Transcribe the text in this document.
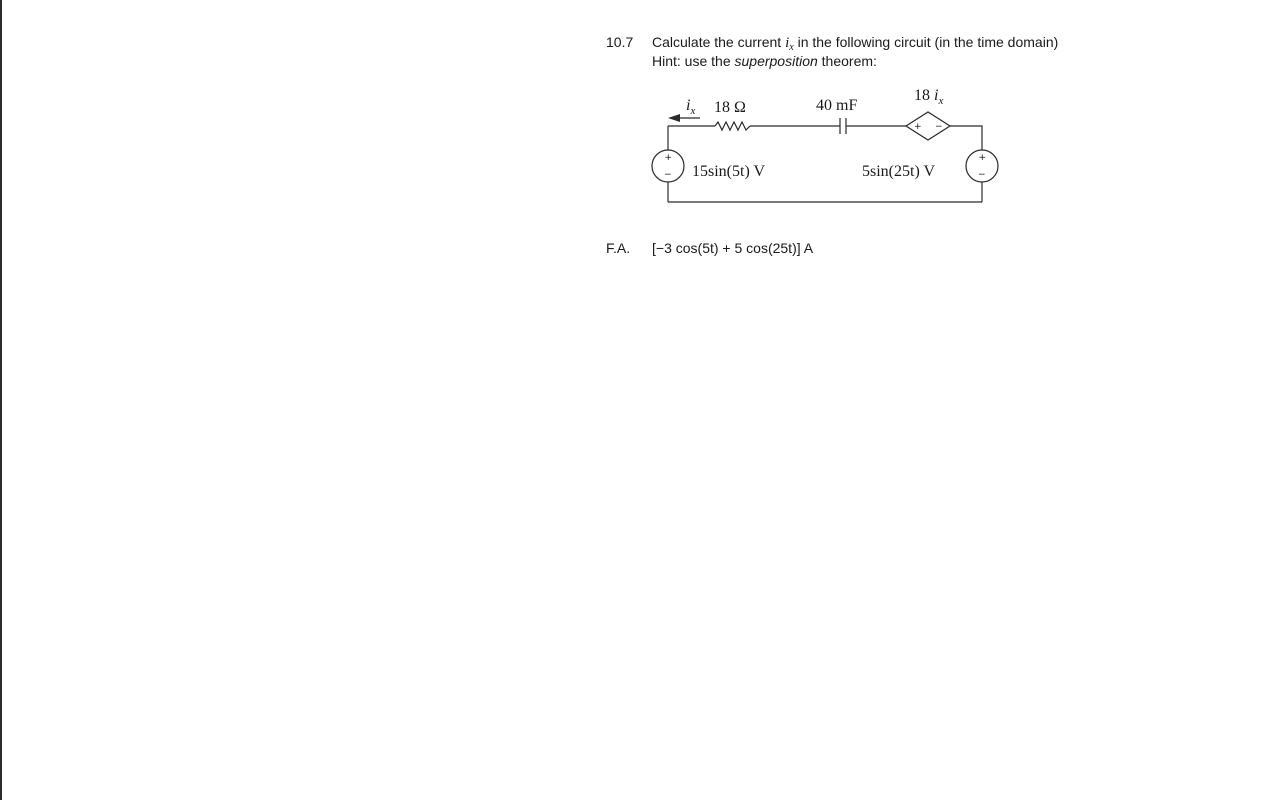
10.7 Calculate the current $i_x$ in the following circuit (in the time domain)
Hint: use the superposition theorem:
+
−
+
−
+ −
$i_x$ 18 Ω	40 mF
18 $i_x$
15sin(5t) V	5sin(25t) V
F.A. [−3 cos(5t) + 5 cos(25t)] A
